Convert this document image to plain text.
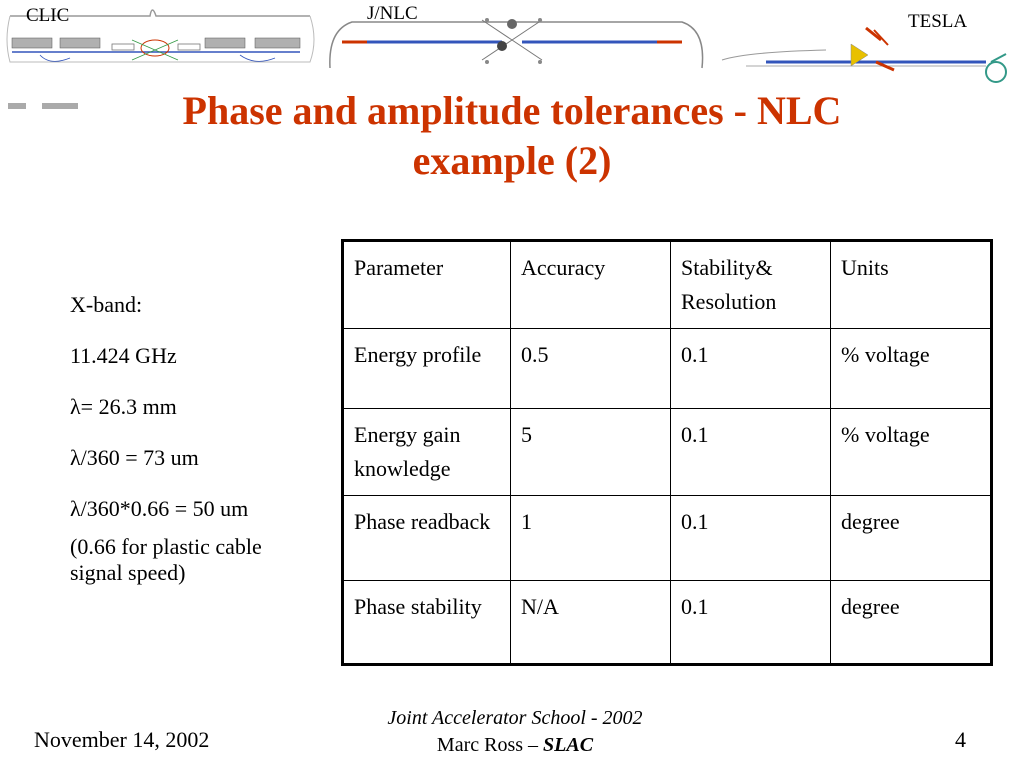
CLIC	J/NLC	TESLA
Phase and amplitude tolerances - NLC
example (2)

X-band:

11.424 GHz

λ= 26.3 mm

λ/360 = 73 um

λ/360*0.66 = 50 um

(0.66 for plastic cable signal speed)

Parameter	Accuracy	Stability& Resolution	Units
Energy profile	0.5	0.1	% voltage
Energy gain knowledge	5	0.1	% voltage
Phase readback	1	0.1	degree
Phase stability	N/A	0.1	degree
November 14, 2002
Joint Accelerator School - 2002
Marc Ross – SLAC	4
